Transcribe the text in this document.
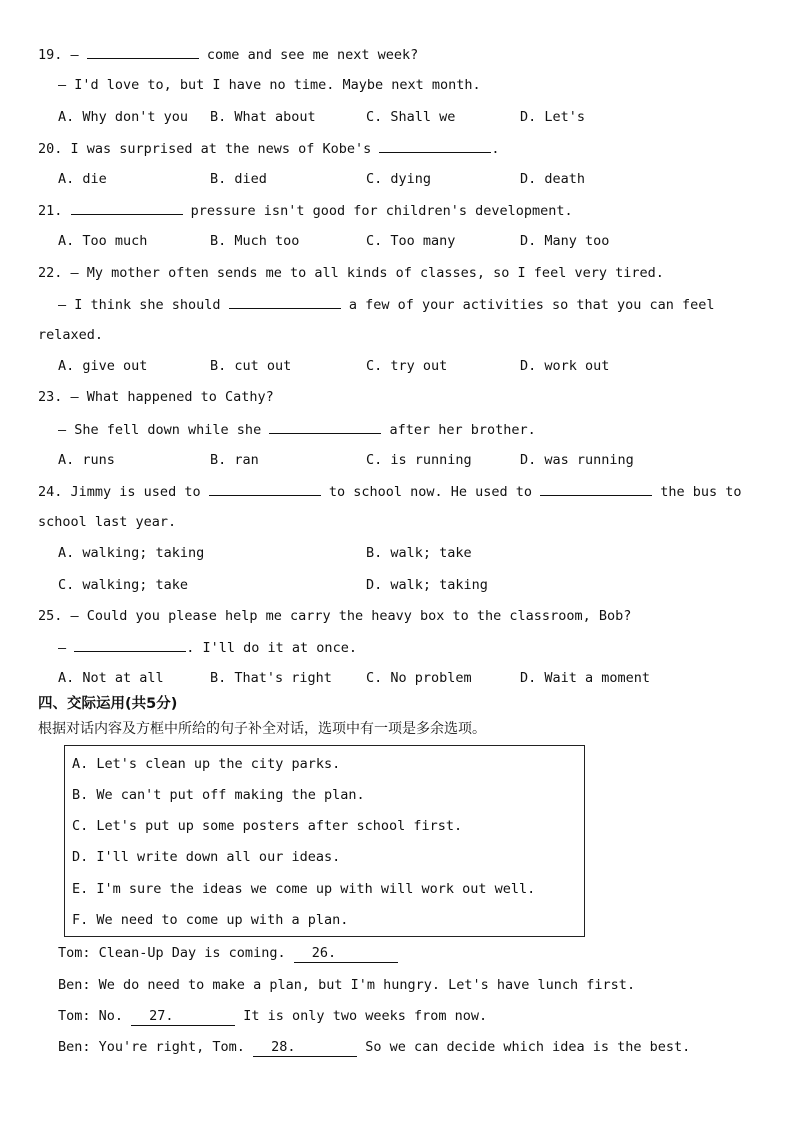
19. —	come and see me next week?
— I'd love to, but I have no time. Maybe next month.
A. Why don't you B. What about	C. Shall we	D. Let's
20. I was surprised at the news of Kobe's	.
A. die	B. died	C. dying	D. death
21.	pressure isn't good for children's development.
A. Too much	B. Much too	C. Too many	D. Many too
22. — My mother often sends me to all kinds of classes, so I feel very tired.
— I think she should	a few of your activities so that you can feel
relaxed.
A. give out	B. cut out	C. try out	D. work out
23. — What happened to Cathy?
— She fell down while she	after her brother.
A. runs	B. ran	C. is running	D. was running
24. Jimmy is used to	to school now. He used to	the bus to
school last year.
A. walking; taking	B. walk; take
C. walking; take	D. walk; taking
25. — Could you please help me carry the heavy box to the classroom, Bob?
—	. I'll do it at once.
A. Not at all	B. That's right	C. No problem	D. Wait a moment
四、交际运用(共5分)
根据对话内容及方框中所给的句子补全对话，选项中有一项是多余选项。
A. Let's clean up the city parks.
B. We can't put off making the plan.
C. Let's put up some posters after school first.
D. I'll write down all our ideas.
E. I'm sure the ideas we come up with will work out well.
F. We need to come up with a plan.
Tom: Clean-Up Day is coming. 26.
Ben: We do need to make a plan, but I'm hungry. Let's have lunch first.
Tom: No. 27.	It is only two weeks from now.
Ben: You're right, Tom. 28.	So we can decide which idea is the best.
